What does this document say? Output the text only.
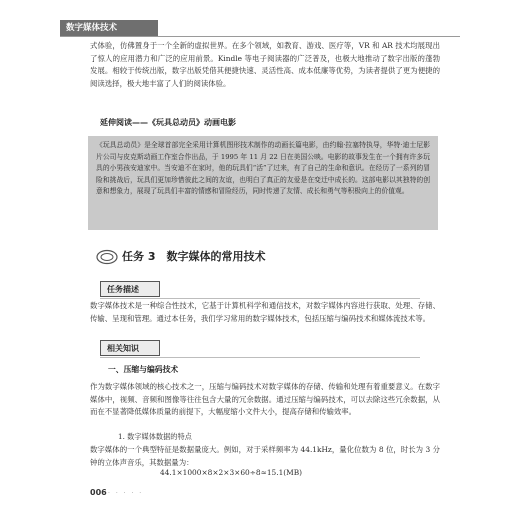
数字媒体技术
式体验，仿佛置身于一个全新的虚拟世界。在多个领域，如教育、游戏、医疗等，VR 和 AR 技术均展现出了惊人的应用潜力和广泛的应用前景。Kindle 等电子阅读器的广泛普及，也极大地推动了数字出版的蓬勃发展。相较于传统出版，数字出版凭借其便捷快速、灵活性高、成本低廉等优势，为读者提供了更为便捷的阅读选择，极大地丰富了人们的阅读体验。
延伸阅读——《玩具总动员》动画电影
《玩具总动员》是全球首部完全采用计算机图形技术制作的动画长篇电影，由约翰·拉塞特执导，华特·迪士尼影片公司与皮克斯动画工作室合作出品，于 1995 年 11 月 22 日在美国公映。电影的故事发生在一个拥有许多玩具的小男孩安迪家中。当安迪不在家时，他的玩具们“活”了过来，有了自己的生命和意识。在经历了一系列的冒险和挑战后，玩具们更加珍惜彼此之间的友谊，也明白了真正的友爱是在变迁中成长的。这部电影以其独特的创意和想象力，展现了玩具们丰富的情感和冒险经历，同时传递了友情、成长和勇气等积极向上的价值观。
任务 3　数字媒体的常用技术
任务描述
数字媒体技术是一种综合性技术，它基于计算机科学和通信技术，对数字媒体内容进行获取、处理、存储、传输、呈现和管理。通过本任务，我们学习常用的数字媒体技术，包括压缩与编码技术和媒体流技术等。
相关知识
一、压缩与编码技术
作为数字媒体领域的核心技术之一，压缩与编码技术对数字媒体的存储、传输和处理有着重要意义。在数字媒体中，视频、音频和图像等往往包含大量的冗余数据。通过压缩与编码技术，可以去除这些冗余数据，从而在不显著降低媒体质量的前提下，大幅度缩小文件大小，提高存储和传输效率。
1. 数字媒体数据的特点
数字媒体的一个典型特征是数据量庞大。例如，对于采样频率为 44.1kHz，量化位数为 8 位，时长为 3 分钟的立体声音乐，其数据量为：
44.1×1000×8×2×3×60÷8≈15.1(MB)
006 · · · · ·
